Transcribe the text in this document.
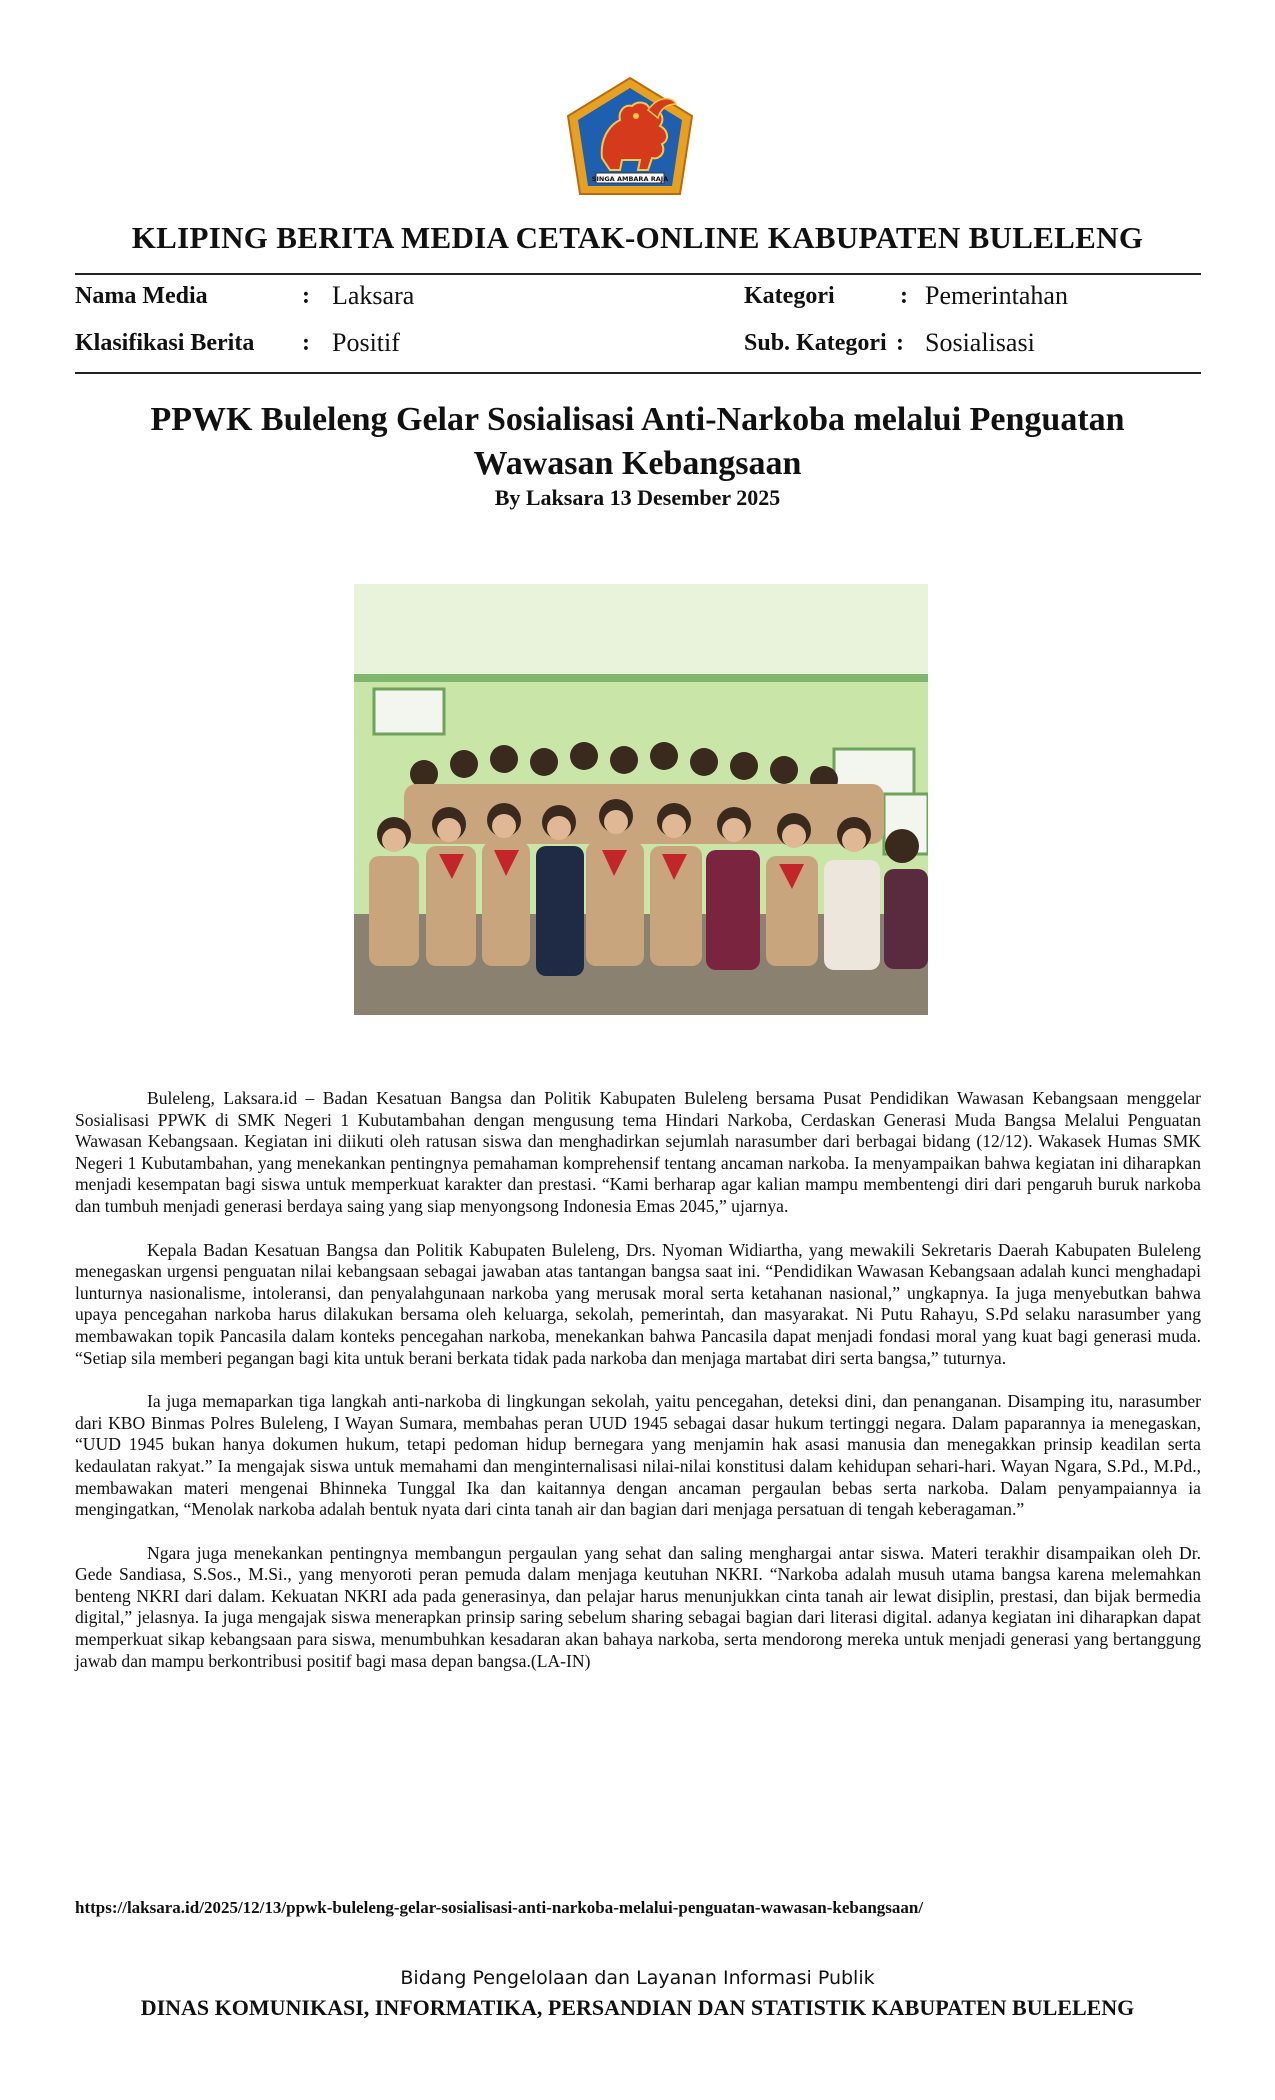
SINGA AMBARA RAJA
KLIPING BERITA MEDIA CETAK-ONLINE KABUPATEN BULELENG
Nama Media	: Laksara	Kategori	: Pemerintahan
Klasifikasi Berita : Positif	Sub. Kategori : Sosialisasi
PPWK Buleleng Gelar Sosialisasi Anti-Narkoba melalui Penguatan Wawasan Kebangsaan
By Laksara 13 Desember 2025

Buleleng, Laksara.id – Badan Kesatuan Bangsa dan Politik Kabupaten Buleleng bersama Pusat Pendidikan Wawasan Kebangsaan menggelar Sosialisasi PPWK di SMK Negeri 1 Kubutambahan dengan mengusung tema Hindari Narkoba, Cerdaskan Generasi Muda Bangsa Melalui Penguatan Wawasan Kebangsaan. Kegiatan ini diikuti oleh ratusan siswa dan menghadirkan sejumlah narasumber dari berbagai bidang (12/12). Wakasek Humas SMK Negeri 1 Kubutambahan, yang menekankan pentingnya pemahaman komprehensif tentang ancaman narkoba. Ia menyampaikan bahwa kegiatan ini diharapkan menjadi kesempatan bagi siswa untuk memperkuat karakter dan prestasi. “Kami berharap agar kalian mampu membentengi diri dari pengaruh buruk narkoba dan tumbuh menjadi generasi berdaya saing yang siap menyongsong Indonesia Emas 2045,” ujarnya.

Kepala Badan Kesatuan Bangsa dan Politik Kabupaten Buleleng, Drs. Nyoman Widiartha, yang mewakili Sekretaris Daerah Kabupaten Buleleng menegaskan urgensi penguatan nilai kebangsaan sebagai jawaban atas tantangan bangsa saat ini. “Pendidikan Wawasan Kebangsaan adalah kunci menghadapi lunturnya nasionalisme, intoleransi, dan penyalahgunaan narkoba yang merusak moral serta ketahanan nasional,” ungkapnya. Ia juga menyebutkan bahwa upaya pencegahan narkoba harus dilakukan bersama oleh keluarga, sekolah, pemerintah, dan masyarakat. Ni Putu Rahayu, S.Pd selaku narasumber yang membawakan topik Pancasila dalam konteks pencegahan narkoba, menekankan bahwa Pancasila dapat menjadi fondasi moral yang kuat bagi generasi muda. “Setiap sila memberi pegangan bagi kita untuk berani berkata tidak pada narkoba dan menjaga martabat diri serta bangsa,” tuturnya.

Ia juga memaparkan tiga langkah anti-narkoba di lingkungan sekolah, yaitu pencegahan, deteksi dini, dan penanganan. Disamping itu, narasumber dari KBO Binmas Polres Buleleng, I Wayan Sumara, membahas peran UUD 1945 sebagai dasar hukum tertinggi negara. Dalam paparannya ia menegaskan, “UUD 1945 bukan hanya dokumen hukum, tetapi pedoman hidup bernegara yang menjamin hak asasi manusia dan menegakkan prinsip keadilan serta kedaulatan rakyat.” Ia mengajak siswa untuk memahami dan menginternalisasi nilai-nilai konstitusi dalam kehidupan sehari-hari. Wayan Ngara, S.Pd., M.Pd., membawakan materi mengenai Bhinneka Tunggal Ika dan kaitannya dengan ancaman pergaulan bebas serta narkoba. Dalam penyampaiannya ia mengingatkan, “Menolak narkoba adalah bentuk nyata dari cinta tanah air dan bagian dari menjaga persatuan di tengah keberagaman.”

Ngara juga menekankan pentingnya membangun pergaulan yang sehat dan saling menghargai antar siswa. Materi terakhir disampaikan oleh Dr. Gede Sandiasa, S.Sos., M.Si., yang menyoroti peran pemuda dalam menjaga keutuhan NKRI. “Narkoba adalah musuh utama bangsa karena melemahkan benteng NKRI dari dalam. Kekuatan NKRI ada pada generasinya, dan pelajar harus menunjukkan cinta tanah air lewat disiplin, prestasi, dan bijak bermedia digital,” jelasnya. Ia juga mengajak siswa menerapkan prinsip saring sebelum sharing sebagai bagian dari literasi digital. adanya kegiatan ini diharapkan dapat memperkuat sikap kebangsaan para siswa, menumbuhkan kesadaran akan bahaya narkoba, serta mendorong mereka untuk menjadi generasi yang bertanggung jawab dan mampu berkontribusi positif bagi masa depan bangsa.(LA-IN)

https://laksara.id/2025/12/13/ppwk-buleleng-gelar-sosialisasi-anti-narkoba-melalui-penguatan-wawasan-kebangsaan/
Bidang Pengelolaan dan Layanan Informasi Publik
DINAS KOMUNIKASI, INFORMATIKA, PERSANDIAN DAN STATISTIK KABUPATEN BULELENG
